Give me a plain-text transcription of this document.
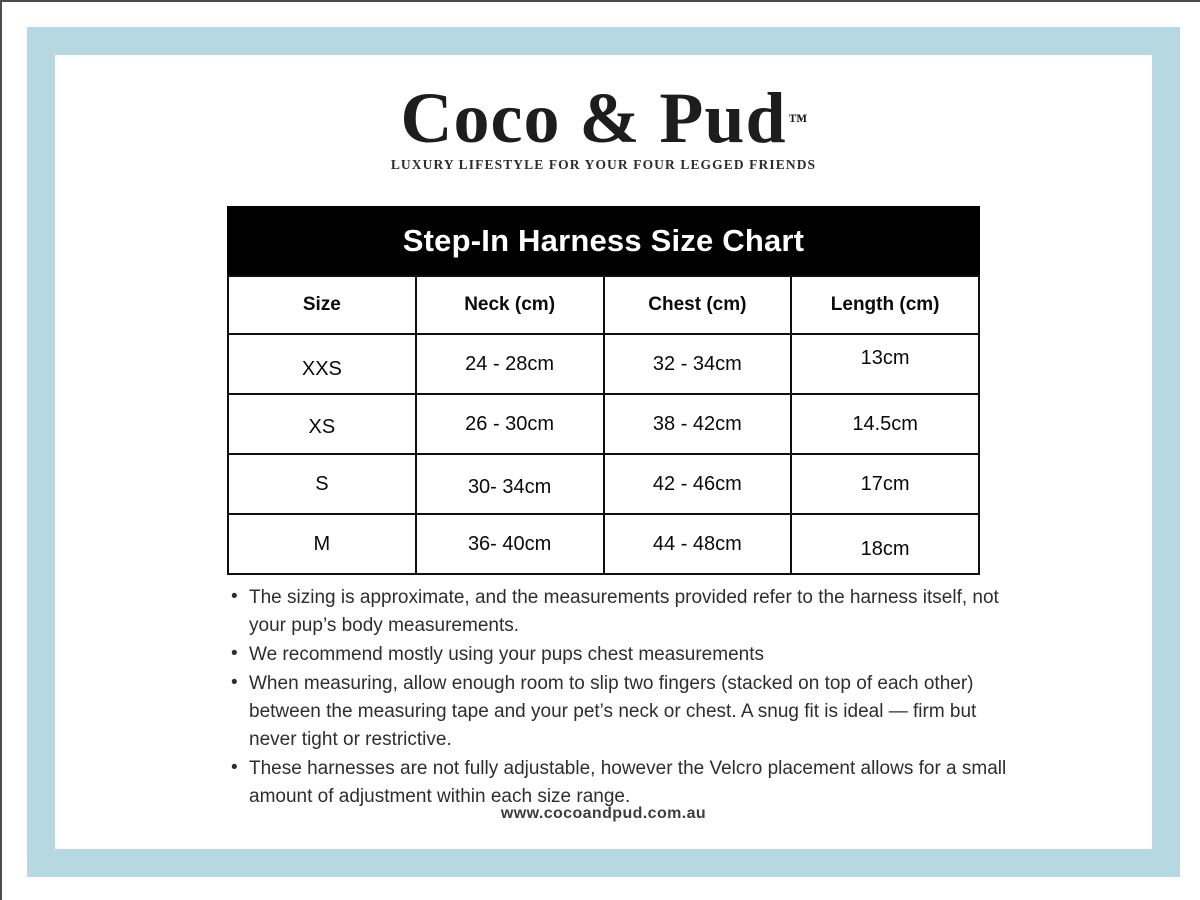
Coco & Pud ™
LUXURY LIFESTYLE FOR YOUR FOUR LEGGED FRIENDS
Step-In Harness Size Chart
Size	Neck (cm)	Chest (cm)	Length (cm)
XXS	24 - 28cm	32 - 34cm	13cm
XS	26 - 30cm	38 - 42cm	14.5cm
S	30- 34cm	42 - 46cm	17cm
M	36- 40cm	44 - 48cm	18cm
• The sizing is approximate, and the measurements provided refer to the harness itself, not your pup’s body measurements.
• We recommend mostly using your pups chest measurements
• When measuring, allow enough room to slip two fingers (stacked on top of each other) between the measuring tape and your pet’s neck or chest. A snug fit is ideal — firm but never tight or restrictive.
• These harnesses are not fully adjustable, however the Velcro placement allows for a small amount of adjustment within each size range.
www.cocoandpud.com.au
